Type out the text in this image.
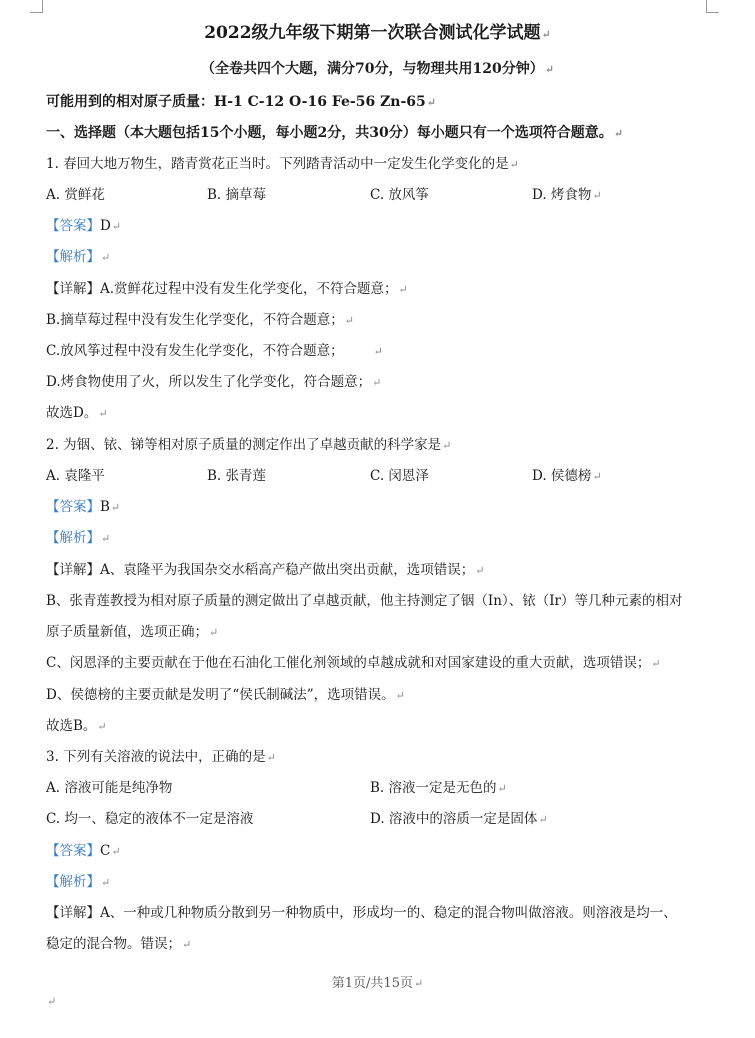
2022级九年级下期第一次联合测试化学试题↵
（全卷共四个大题，满分70分，与物理共用120分钟）↵
可能用到的相对原子质量：H-1 C-12 O-16 Fe-56 Zn-65↵
一、选择题（本大题包括15个小题，每小题2分，共30分）每小题只有一个选项符合题意。↵
1. 春回大地万物生，踏青赏花正当时。下列踏青活动中一定发生化学变化的是↵
A. 赏鲜花	B. 摘草莓	C. 放风筝	D. 烤食物↵
【答案】D↵
【解析】↵
【详解】A.赏鲜花过程中没有发生化学变化，不符合题意；↵
B.摘草莓过程中没有发生化学变化，不符合题意；↵
C.放风筝过程中没有发生化学变化，不符合题意；	↵
D.烤食物使用了火，所以发生了化学变化，符合题意；↵
故选D。↵
2. 为铟、铱、锑等相对原子质量的测定作出了卓越贡献的科学家是↵
A. 袁隆平	B. 张青莲	C. 闵恩泽	D. 侯德榜↵
【答案】B↵
【解析】↵
【详解】A、袁隆平为我国杂交水稻高产稳产做出突出贡献，选项错误；↵
B、张青莲教授为相对原子质量的测定做出了卓越贡献，他主持测定了铟（In）、铱（Ir）等几种元素的相对
原子质量新值，选项正确；↵
C、闵恩泽的主要贡献在于他在石油化工催化剂领域的卓越成就和对国家建设的重大贡献，选项错误；↵
D、侯德榜的主要贡献是发明了“侯氏制碱法”，选项错误。↵
故选B。↵
3. 下列有关溶液的说法中，正确的是↵
A. 溶液可能是纯净物	B. 溶液一定是无色的↵
C. 均一、稳定的液体不一定是溶液	D. 溶液中的溶质一定是固体↵
【答案】C↵
【解析】↵
【详解】A、一种或几种物质分散到另一种物质中，形成均一的、稳定的混合物叫做溶液。则溶液是均一、
稳定的混合物。错误；↵
第1页/共15页↵
↵
